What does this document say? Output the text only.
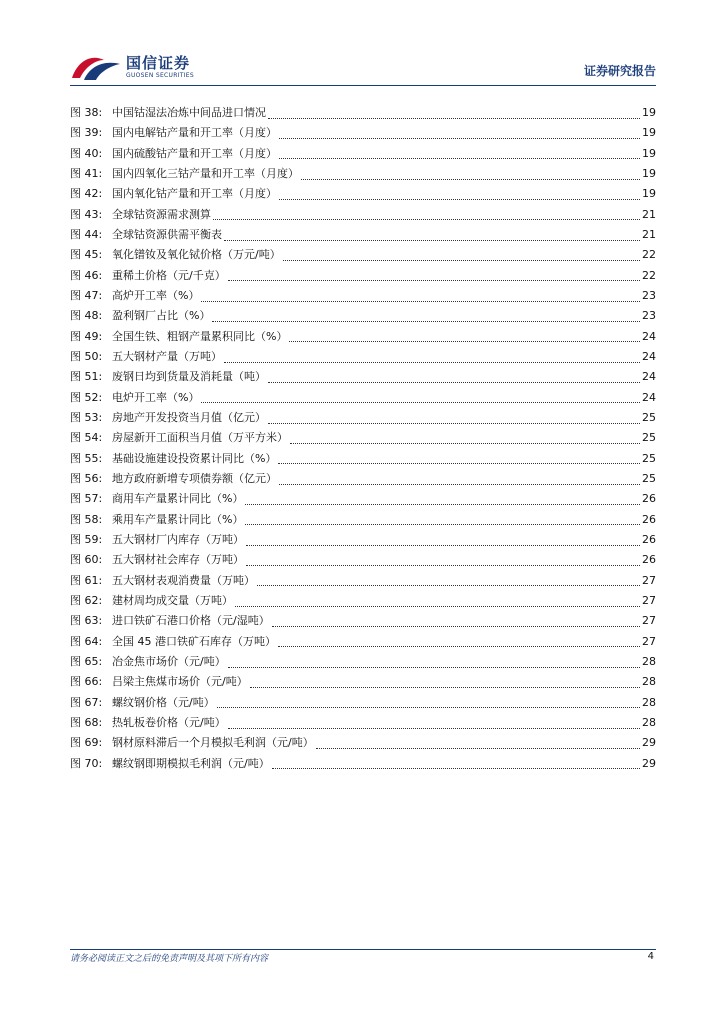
国信证券
GUOSEN SECURITIES	证券研究报告
图 38: 中国钴湿法冶炼中间品进口情况	19
图 39: 国内电解钴产量和开工率（月度）	19
图 40: 国内硫酸钴产量和开工率（月度）	19
图 41: 国内四氧化三钴产量和开工率（月度）	19
图 42: 国内氧化钴产量和开工率（月度）	19
图 43: 全球钴资源需求测算	21
图 44: 全球钴资源供需平衡表	21
图 45: 氧化镨钕及氧化铽价格（万元/吨）	22
图 46: 重稀土价格（元/千克）	22
图 47: 高炉开工率（%）	23
图 48: 盈利钢厂占比（%）	23
图 49: 全国生铁、粗钢产量累积同比（%）	24
图 50: 五大钢材产量（万吨）	24
图 51: 废钢日均到货量及消耗量（吨）	24
图 52: 电炉开工率（%）	24
图 53: 房地产开发投资当月值（亿元）	25
图 54: 房屋新开工面积当月值（万平方米）	25
图 55: 基础设施建设投资累计同比（%）	25
图 56: 地方政府新增专项债券额（亿元）	25
图 57: 商用车产量累计同比（%）	26
图 58: 乘用车产量累计同比（%）	26
图 59: 五大钢材厂内库存（万吨）	26
图 60: 五大钢材社会库存（万吨）	26
图 61: 五大钢材表观消费量（万吨）	27
图 62: 建材周均成交量（万吨）	27
图 63: 进口铁矿石港口价格（元/湿吨）	27
图 64: 全国 45 港口铁矿石库存（万吨）	27
图 65: 冶金焦市场价（元/吨）	28
图 66: 吕梁主焦煤市场价（元/吨）	28
图 67: 螺纹钢价格（元/吨）	28
图 68: 热轧板卷价格（元/吨）	28
图 69: 钢材原料滞后一个月模拟毛利润（元/吨）	29
图 70: 螺纹钢即期模拟毛利润（元/吨）	29
请务必阅读正文之后的免责声明及其项下所有内容	4
